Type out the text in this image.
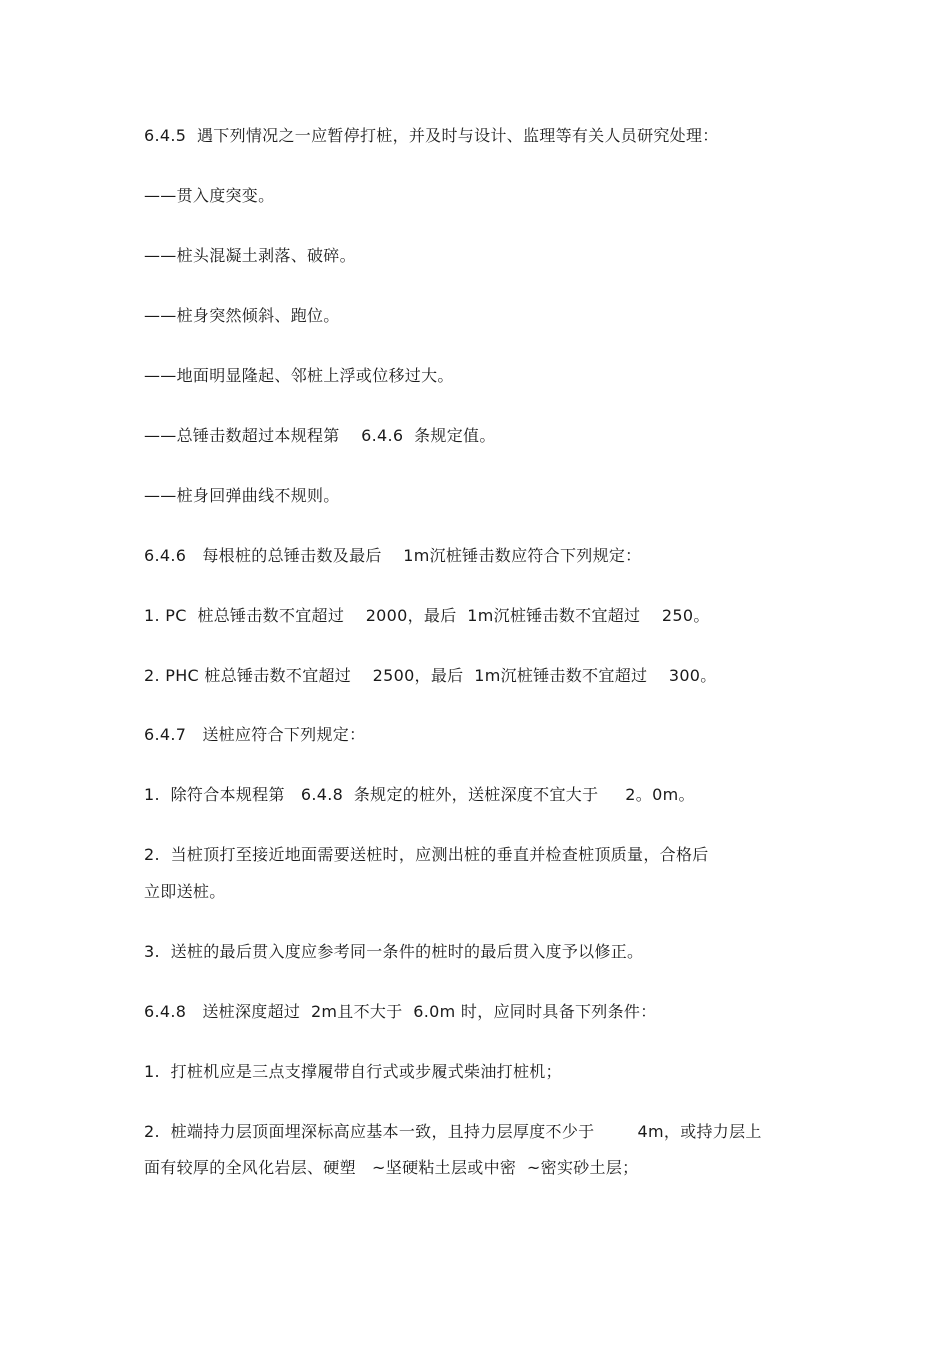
6.4.5  遇下列情况之一应暂停打桩，并及时与设计、监理等有关人员研究处理：
——贯入度突变。
——桩头混凝土剥落、破碎。
——桩身突然倾斜、跑位。
——地面明显隆起、邻桩上浮或位移过大。
——总锤击数超过本规程第    6.4.6  条规定值。
——桩身回弹曲线不规则。
6.4.6   每根桩的总锤击数及最后    1m沉桩锤击数应符合下列规定：
1. PC  桩总锤击数不宜超过    2000，最后  1m沉桩锤击数不宜超过    250。
2. PHC 桩总锤击数不宜超过    2500，最后  1m沉桩锤击数不宜超过    300。
6.4.7   送桩应符合下列规定：
1.  除符合本规程第   6.4.8  条规定的桩外，送桩深度不宜大于     2。0m。
2.  当桩顶打至接近地面需要送桩时，应测出桩的垂直并检查桩顶质量，合格后
立即送桩。
3.  送桩的最后贯入度应参考同一条件的桩时的最后贯入度予以修正。
6.4.8   送桩深度超过  2m且不大于  6.0m 时，应同时具备下列条件：
1.  打桩机应是三点支撑履带自行式或步履式柴油打桩机；
2.  桩端持力层顶面埋深标高应基本一致，且持力层厚度不少于        4m，或持力层上
面有较厚的全风化岩层、硬塑   ~坚硬粘土层或中密  ~密实砂土层；
